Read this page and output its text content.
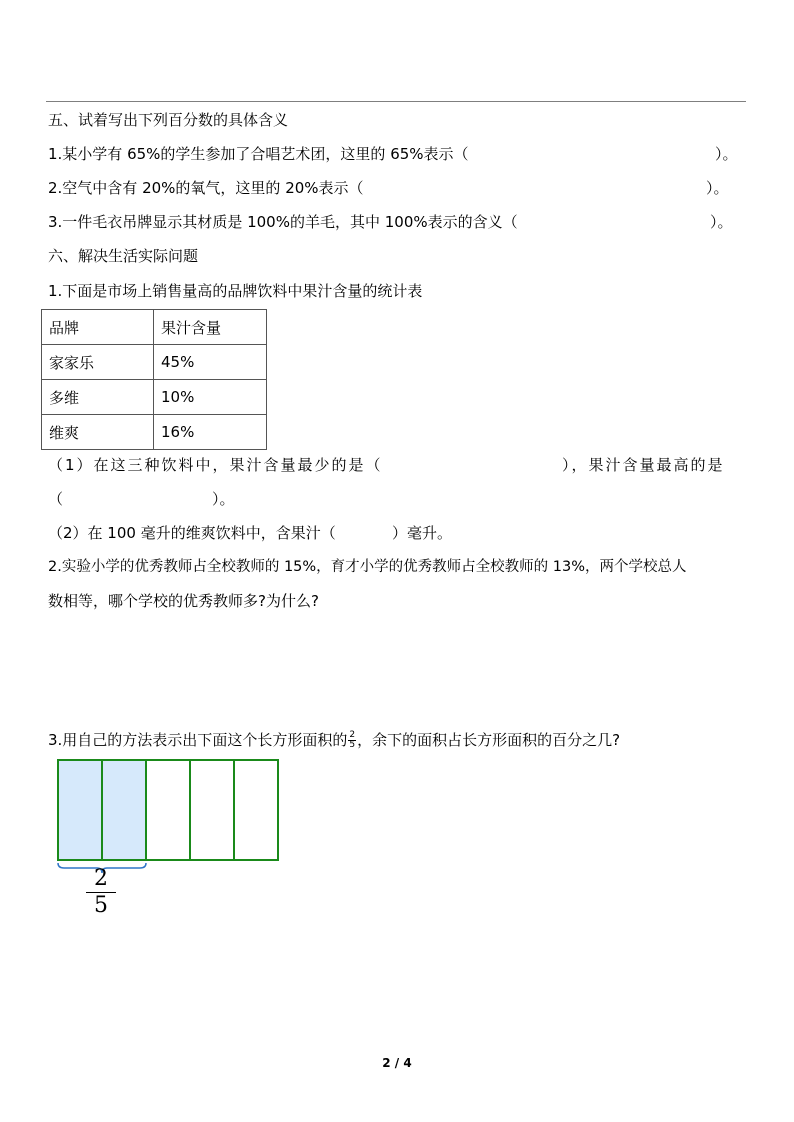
五、试着写出下列百分数的具体含义
1.某小学有 65%的学生参加了合唱艺术团，这里的 65%表示（	）。
2.空气中含有 20%的氧气，这里的 20%表示（	）。
3.一件毛衣吊牌显示其材质是 100%的羊毛，其中 100%表示的含义（	）。
六、解决生活实际问题
1.下面是市场上销售量高的品牌饮料中果汁含量的统计表
品牌	果汁含量
家家乐	45%
多维	10%
维爽	16%
（1）在这三种饮料中，果汁含量最少的是（	），果汁含量最高的是
（	）。
（2）在 100 毫升的维爽饮料中，含果汁（	）毫升。
2.实验小学的优秀教师占全校教师的 15%，育才小学的优秀教师占全校教师的 13%，两个学校总人
数相等，哪个学校的优秀教师多?为什么?
3.用自己的方法表示出下面这个长方形面积的 $\frac{2}{5}$ ，余下的面积占长方形面积的百分之几?
$\frac{2}{5}$
2 / 4
